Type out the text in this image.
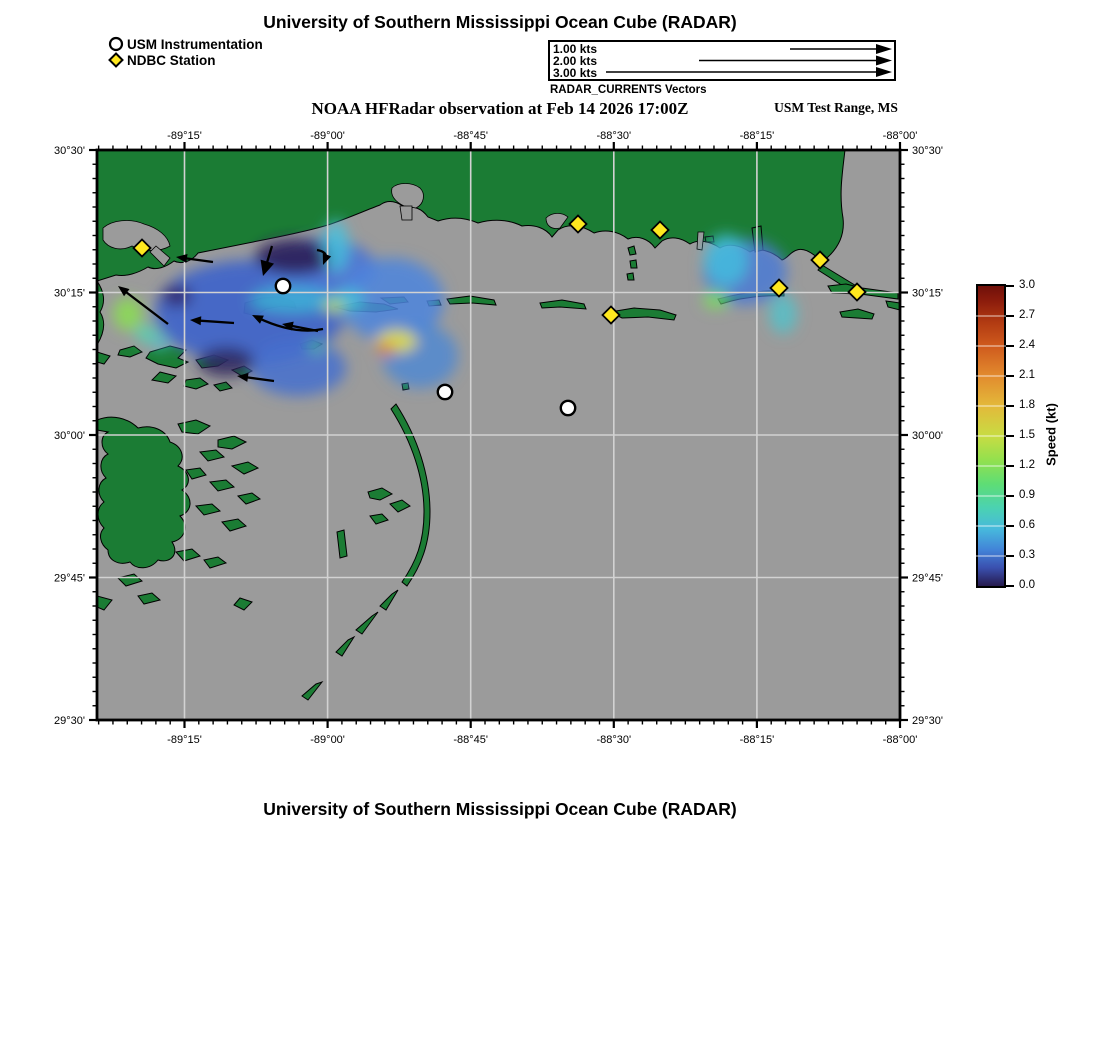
-89°15'
-89°15'
-89°00'
-89°00'
-88°45'
-88°45'
-88°30'
-88°30'
-88°15'
-88°15'
-88°00'
-88°00'
30°30'	30°30'
30°15'	30°15'
30°00'	30°00'
29°45'	29°45'
29°30'	29°30'
University of Southern Mississippi Ocean Cube (RADAR)
USM Instrumentation
NDBC Station
1.00 kts
2.00 kts
3.00 kts
RADAR_CURRENTS Vectors
NOAA HFRadar observation at Feb 14 2026 17:00Z	USM Test Range, MS
3.0
2.7
2.4
2.1
1.8
1.5
1.2
0.9
0.6
0.3
0.0
Speed (kt)
University of Southern Mississippi Ocean Cube (RADAR)
